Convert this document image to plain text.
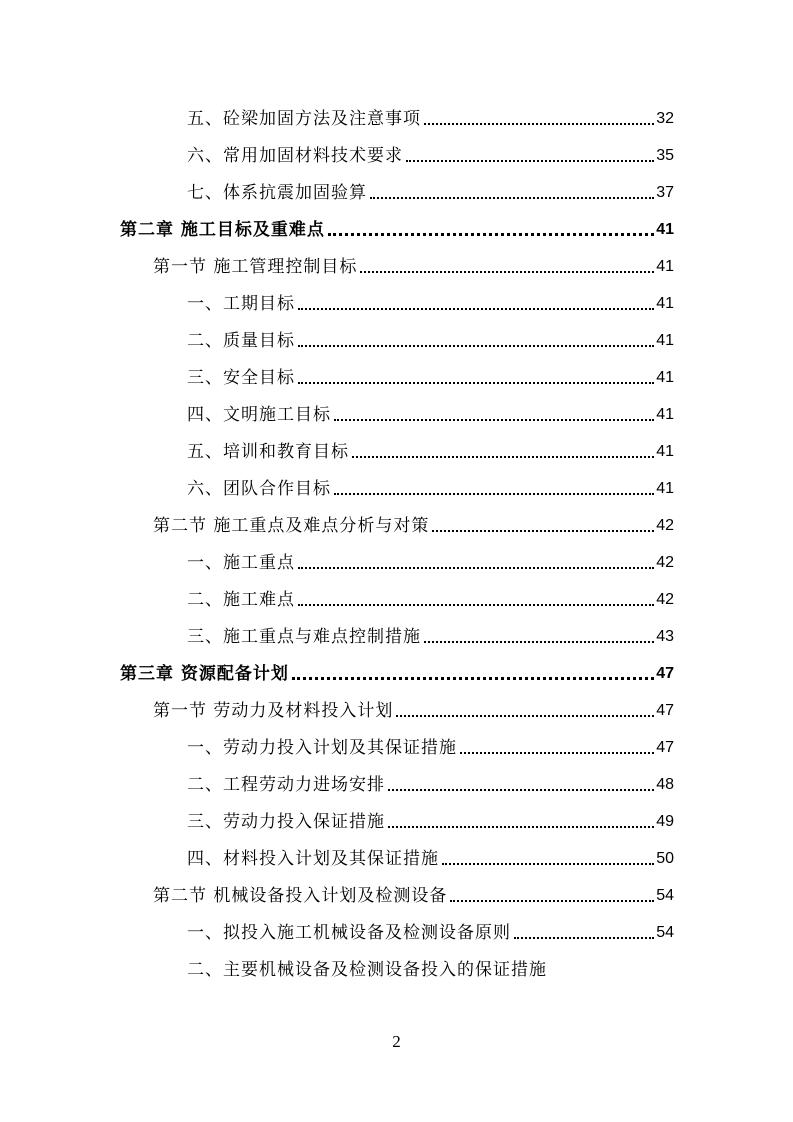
五、砼梁加固方法及注意事项	32
六、常用加固材料技术要求	35
七、体系抗震加固验算	37
第二章 施工目标及重难点	41
第一节 施工管理控制目标	41
一、工期目标	41
二、质量目标	41
三、安全目标	41
四、文明施工目标	41
五、培训和教育目标	41
六、团队合作目标	41
第二节 施工重点及难点分析与对策	42
一、施工重点	42
二、施工难点	42
三、施工重点与难点控制措施	43
第三章 资源配备计划	47
第一节 劳动力及材料投入计划	47
一、劳动力投入计划及其保证措施	47
二、工程劳动力进场安排	48
三、劳动力投入保证措施	49
四、材料投入计划及其保证措施	50
第二节 机械设备投入计划及检测设备	54
一、拟投入施工机械设备及检测设备原则	54
二、主要机械设备及检测设备投入的保证措施
2
